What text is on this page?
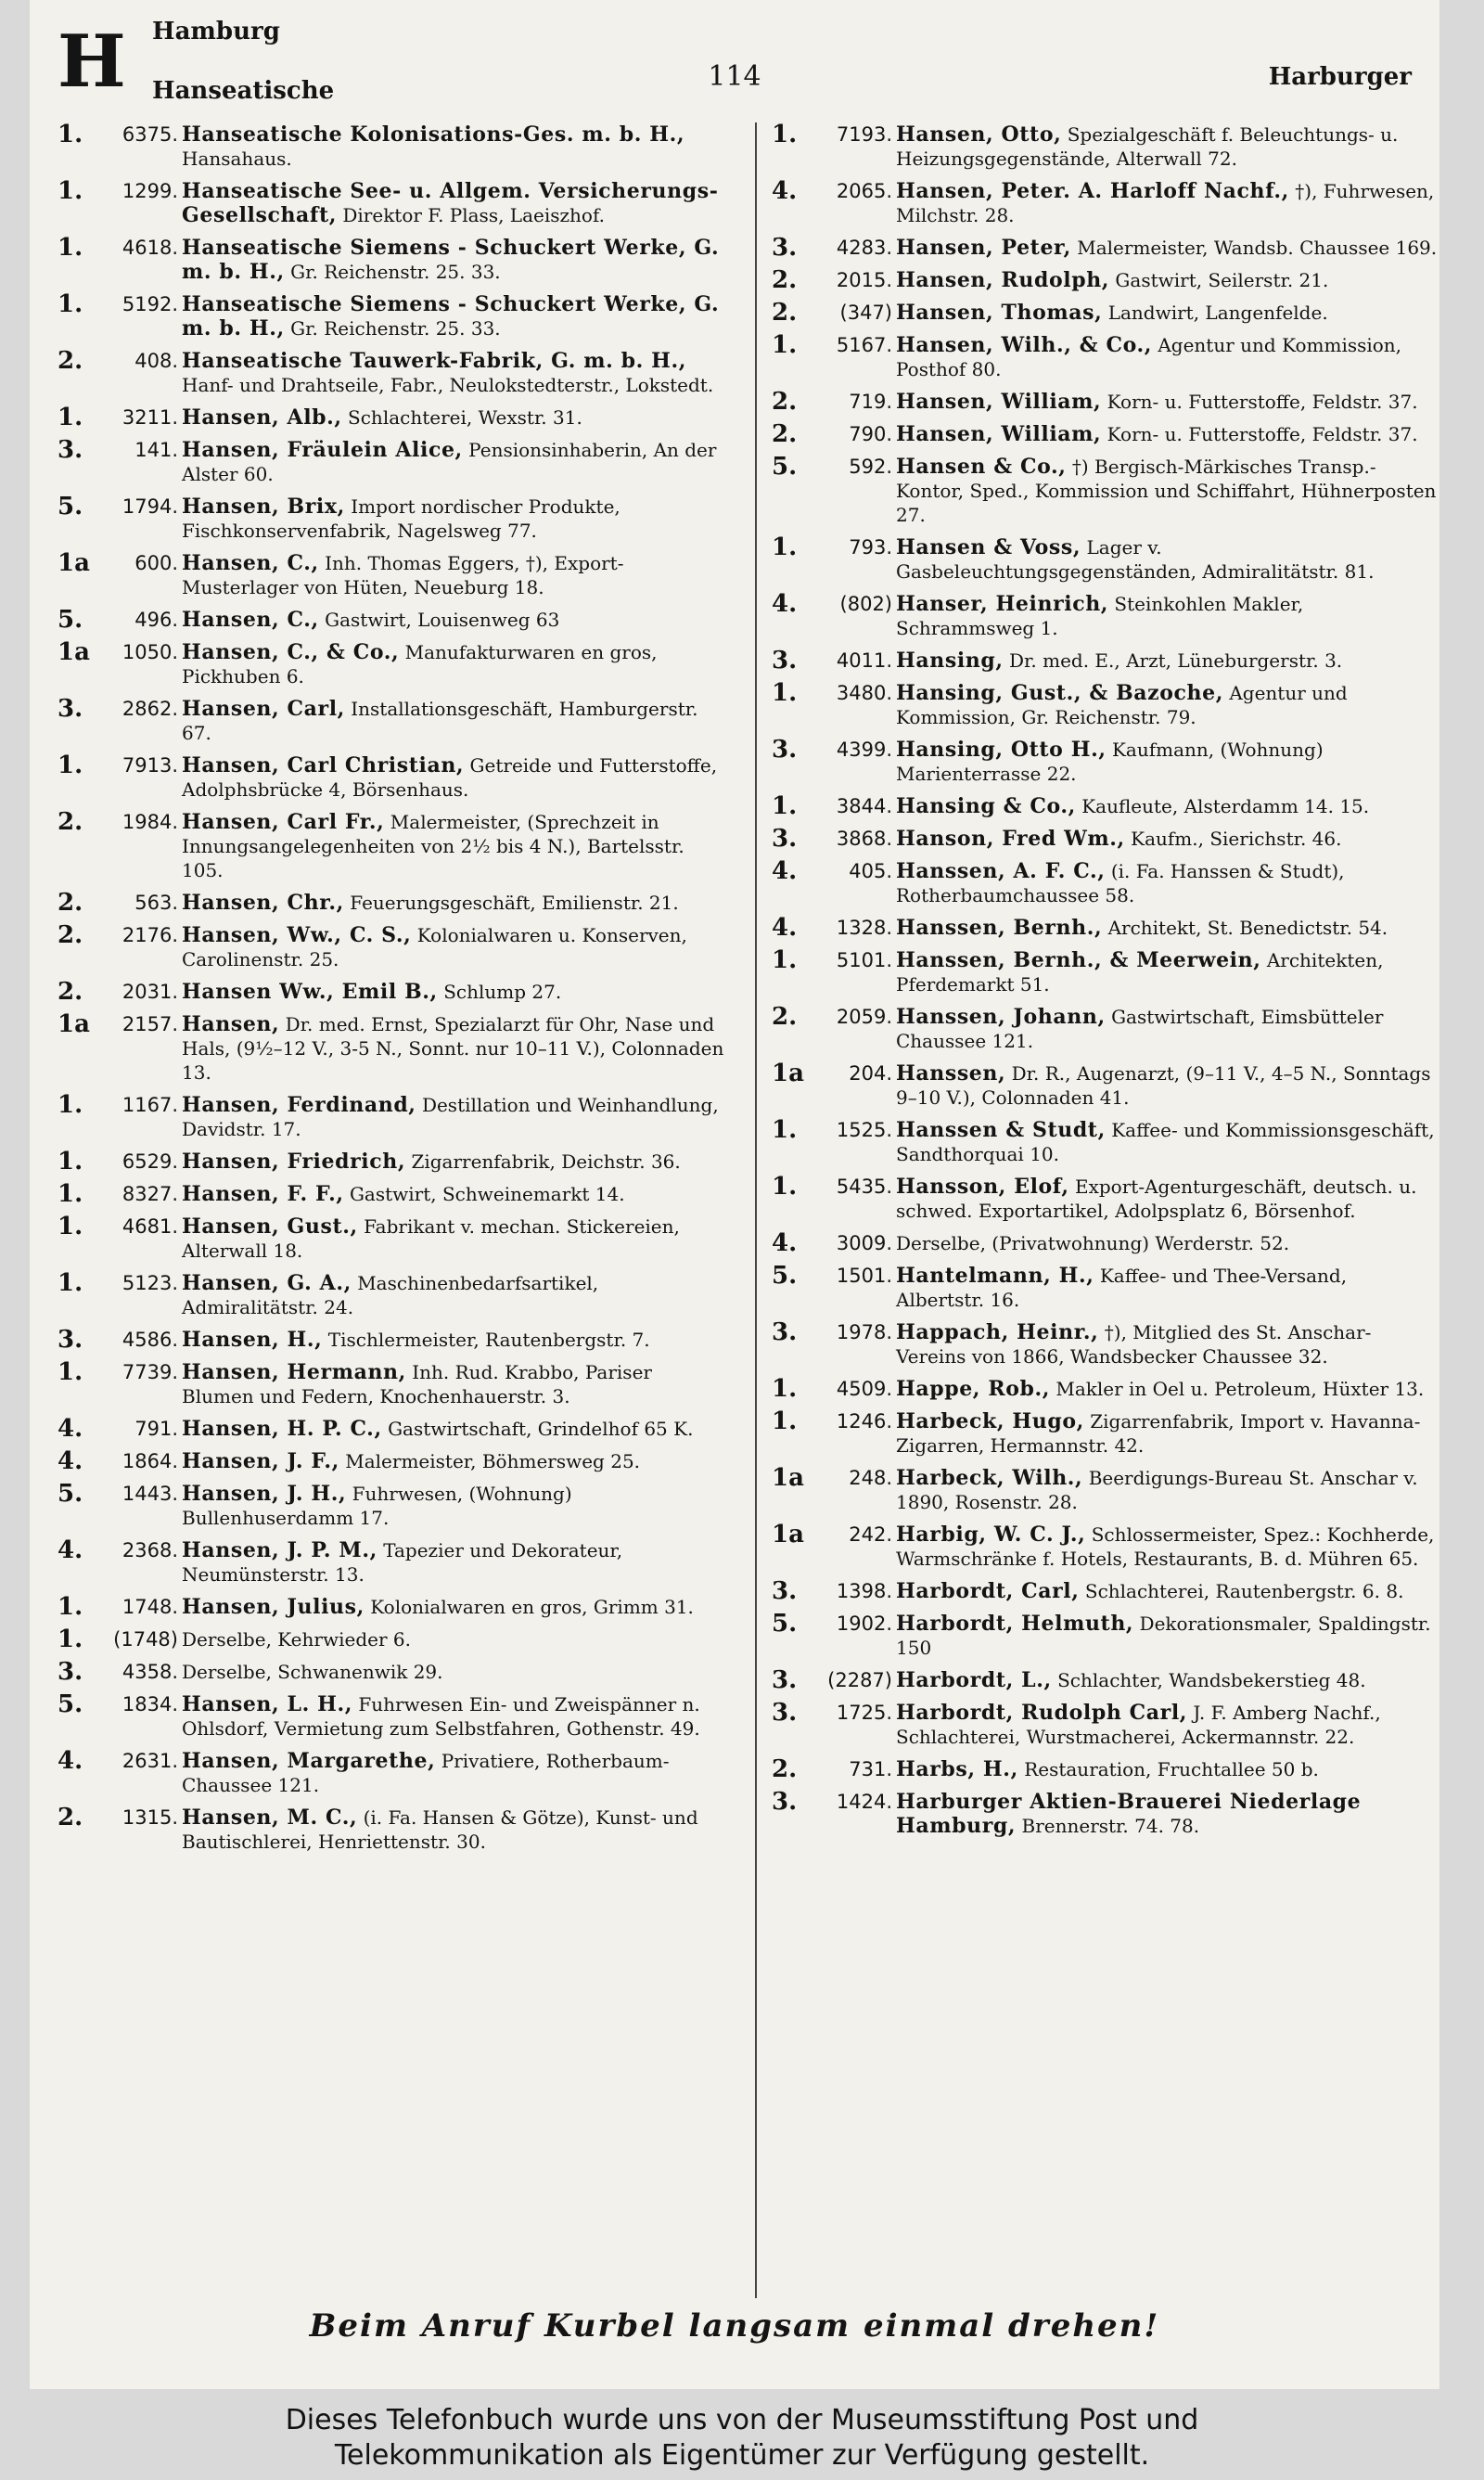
H Hamburg
Hanseatische	114	Harburger
1.	6375. Hanseatische Kolonisations-Ges. m. b. H., Hansahaus.
1.	1299. Hanseatische See- u. Allgem. Versicherungs-Gesellschaft, Direktor F. Plass, Laeiszhof.
1.	4618. Hanseatische Siemens - Schuckert Werke, G. m. b. H., Gr. Reichenstr. 25. 33.
1.	5192. Hanseatische Siemens - Schuckert Werke, G. m. b. H., Gr. Reichenstr. 25. 33.
2.	408. Hanseatische Tauwerk-Fabrik, G. m. b. H., Hanf- und Drahtseile, Fabr., Neulokstedterstr., Lokstedt.
1.	3211. Hansen, Alb., Schlachterei, Wexstr. 31.
3.	141. Hansen, Fräulein Alice, Pensionsinhaberin, An der Alster 60.
5.	1794. Hansen, Brix, Import nordischer Produkte, Fischkonservenfabrik, Nagelsweg 77.
1a	600. Hansen, C., Inh. Thomas Eggers, †), Export-Musterlager von Hüten, Neueburg 18.
5.	496. Hansen, C., Gastwirt, Louisenweg 63
1a	1050. Hansen, C., & Co., Manufakturwaren en gros, Pickhuben 6.
3.	2862. Hansen, Carl, Installationsgeschäft, Hamburgerstr. 67.
1.	7913. Hansen, Carl Christian, Getreide und Futterstoffe, Adolphsbrücke 4, Börsenhaus.
2.	1984. Hansen, Carl Fr., Malermeister, (Sprechzeit in Innungsangelegenheiten von 2½ bis 4 N.), Bartelsstr. 105.
2.	563. Hansen, Chr., Feuerungsgeschäft, Emilienstr. 21.
2.	2176. Hansen, Ww., C. S., Kolonialwaren u. Konserven, Carolinenstr. 25.
2.	2031. Hansen Ww., Emil B., Schlump 27.
1a	2157. Hansen, Dr. med. Ernst, Spezialarzt für Ohr, Nase und Hals, (9½–12 V., 3-5 N., Sonnt. nur 10–11 V.), Colonnaden 13.
1.	1167. Hansen, Ferdinand, Destillation und Weinhandlung, Davidstr. 17.
1.	6529. Hansen, Friedrich, Zigarrenfabrik, Deichstr. 36.
1.	8327. Hansen, F. F., Gastwirt, Schweinemarkt 14.
1.	4681. Hansen, Gust., Fabrikant v. mechan. Stickereien, Alterwall 18.
1.	5123. Hansen, G. A., Maschinenbedarfsartikel, Admiralitätstr. 24.
3.	4586. Hansen, H., Tischlermeister, Rautenbergstr. 7.
1.	7739. Hansen, Hermann, Inh. Rud. Krabbo, Pariser Blumen und Federn, Knochenhauerstr. 3.
4.	791. Hansen, H. P. C., Gastwirtschaft, Grindelhof 65 K.
4.	1864. Hansen, J. F., Malermeister, Böhmersweg 25.
5.	1443. Hansen, J. H., Fuhrwesen, (Wohnung) Bullenhuserdamm 17.
4.	2368. Hansen, J. P. M., Tapezier und Dekorateur, Neumünsterstr. 13.
1.	1748. Hansen, Julius, Kolonialwaren en gros, Grimm 31.
1.	(1748) Derselbe, Kehrwieder 6.
3.	4358. Derselbe, Schwanenwik 29.
5.	1834. Hansen, L. H., Fuhrwesen Ein- und Zweispänner n. Ohlsdorf, Vermietung zum Selbstfahren, Gothenstr. 49.
4.	2631. Hansen, Margarethe, Privatiere, Rotherbaum-Chaussee 121.
2.	1315. Hansen, M. C., (i. Fa. Hansen & Götze), Kunst- und Bautischlerei, Henriettenstr. 30.
1.	7193. Hansen, Otto, Spezialgeschäft f. Beleuchtungs- u. Heizungsgegenstände, Alterwall 72.
4.	2065. Hansen, Peter. A. Harloff Nachf., †), Fuhrwesen, Milchstr. 28.
3.	4283. Hansen, Peter, Malermeister, Wandsb. Chaussee 169.
2.	2015. Hansen, Rudolph, Gastwirt, Seilerstr. 21.
2.	(347) Hansen, Thomas, Landwirt, Langenfelde.
1.	5167. Hansen, Wilh., & Co., Agentur und Kommission, Posthof 80.
2.	719. Hansen, William, Korn- u. Futterstoffe, Feldstr. 37.
2.	790. Hansen, William, Korn- u. Futterstoffe, Feldstr. 37.
5.	592. Hansen & Co., †) Bergisch-Märkisches Transp.-Kontor, Sped., Kommission und Schiffahrt, Hühnerposten 27.
1.	793. Hansen & Voss, Lager v. Gasbeleuchtungsgegenständen, Admiralitätstr. 81.
4.	(802) Hanser, Heinrich, Steinkohlen Makler, Schrammsweg 1.
3.	4011. Hansing, Dr. med. E., Arzt, Lüneburgerstr. 3.
1.	3480. Hansing, Gust., & Bazoche, Agentur und Kommission, Gr. Reichenstr. 79.
3.	4399. Hansing, Otto H., Kaufmann, (Wohnung) Marienterrasse 22.
1.	3844. Hansing & Co., Kaufleute, Alsterdamm 14. 15.
3.	3868. Hanson, Fred Wm., Kaufm., Sierichstr. 46.
4.	405. Hanssen, A. F. C., (i. Fa. Hanssen & Studt), Rotherbaumchaussee 58.
4.	1328. Hanssen, Bernh., Architekt, St. Benedictstr. 54.
1.	5101. Hanssen, Bernh., & Meerwein, Architekten, Pferdemarkt 51.
2.	2059. Hanssen, Johann, Gastwirtschaft, Eimsbütteler Chaussee 121.
1a	204. Hanssen, Dr. R., Augenarzt, (9–11 V., 4–5 N., Sonntags 9–10 V.), Colonnaden 41.
1.	1525. Hanssen & Studt, Kaffee- und Kommissionsgeschäft, Sandthorquai 10.
1.	5435. Hansson, Elof, Export-Agenturgeschäft, deutsch. u. schwed. Exportartikel, Adolpsplatz 6, Börsenhof.
4.	3009. Derselbe, (Privatwohnung) Werderstr. 52.
5.	1501. Hantelmann, H., Kaffee- und Thee-Versand, Albertstr. 16.
3.	1978. Happach, Heinr., †), Mitglied des St. Anschar-Vereins von 1866, Wandsbecker Chaussee 32.
1.	4509. Happe, Rob., Makler in Oel u. Petroleum, Hüxter 13.
1.	1246. Harbeck, Hugo, Zigarrenfabrik, Import v. Havanna-Zigarren, Hermannstr. 42.
1a	248. Harbeck, Wilh., Beerdigungs-Bureau St. Anschar v. 1890, Rosenstr. 28.
1a	242. Harbig, W. C. J., Schlossermeister, Spez.: Kochherde, Warmschränke f. Hotels, Restaurants, B. d. Mühren 65.
3.	1398. Harbordt, Carl, Schlachterei, Rautenbergstr. 6. 8.
5.	1902. Harbordt, Helmuth, Dekorationsmaler, Spaldingstr. 150
3.	(2287) Harbordt, L., Schlachter, Wandsbekerstieg 48.
3.	1725. Harbordt, Rudolph Carl, J. F. Amberg Nachf., Schlachterei, Wurstmacherei, Ackermannstr. 22.
2.	731. Harbs, H., Restauration, Fruchtallee 50 b.
3.	1424. Harburger Aktien-Brauerei Niederlage Hamburg, Brennerstr. 74. 78.
Beim Anruf Kurbel langsam einmal drehen!
Dieses Telefonbuch wurde uns von der Museumsstiftung Post und
Telekommunikation als Eigentümer zur Verfügung gestellt.
